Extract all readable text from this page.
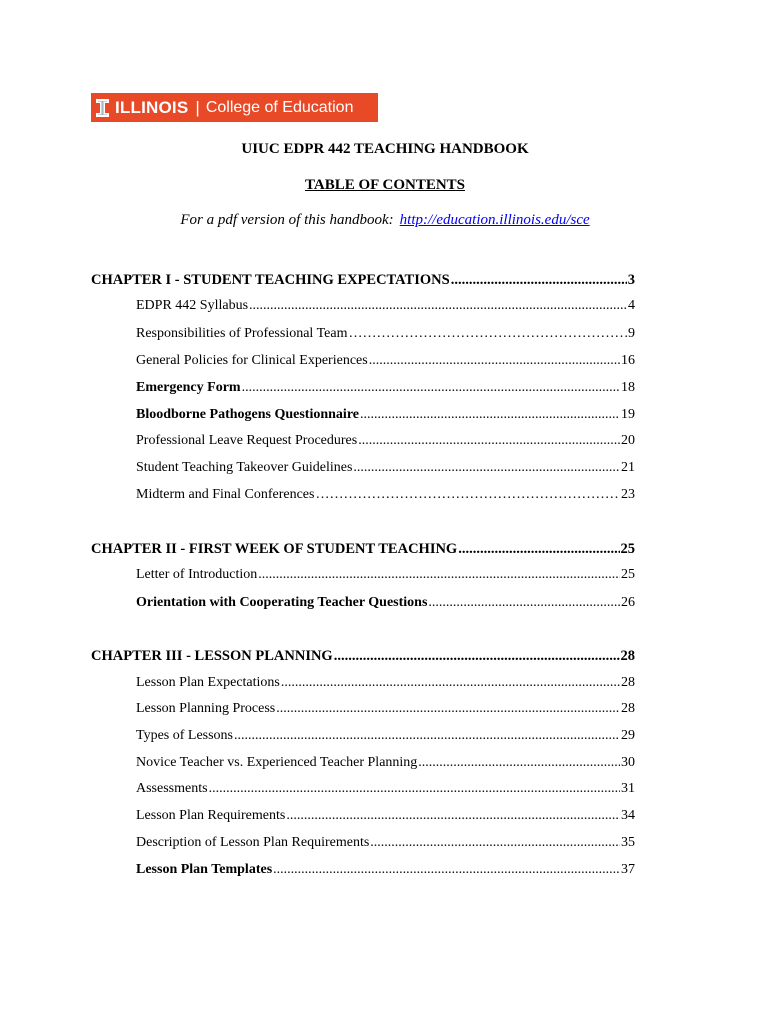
ILLINOIS | College of Education
UIUC EDPR 442 TEACHING HANDBOOK
TABLE OF CONTENTS
For a pdf version of this handbook: http://education.illinois.edu/sce
CHAPTER I - STUDENT TEACHING EXPECTATIONS .....	3
EDPR 442 Syllabus .....	4
Responsibilities of Professional Team …………………………………………………………………………………………………………………………	9
General Policies for Clinical Experiences .....	16
Emergency Form .....	18
Bloodborne Pathogens Questionnaire .....	19
Professional Leave Request Procedures .....	20
Student Teaching Takeover Guidelines .....	21
Midterm and Final Conferences …………………………………………………………………………………………………………………………	23
CHAPTER II - FIRST WEEK OF STUDENT TEACHING .....	25
Letter of Introduction .....	25
Orientation with Cooperating Teacher Questions .....	26
CHAPTER III - LESSON PLANNING .....	28
Lesson Plan Expectations .....	28
Lesson Planning Process .....	28
Types of Lessons .....	29
Novice Teacher vs. Experienced Teacher Planning .....	30
Assessments .....	31
Lesson Plan Requirements .....	34
Description of Lesson Plan Requirements .....	35
Lesson Plan Templates .....	37
